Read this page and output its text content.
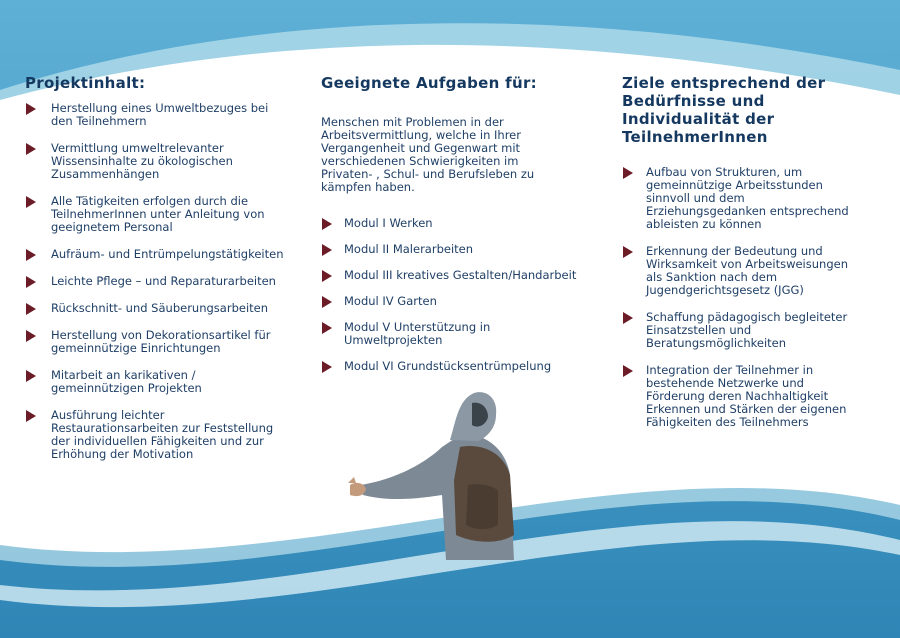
Projektinhalt:
Herstellung eines Umweltbezuges bei den Teilnehmern
Vermittlung umweltrelevanter Wissensinhalte zu ökologischen Zusammenhängen
Alle Tätigkeiten erfolgen durch die TeilnehmerInnen unter Anleitung von geeignetem Personal
Aufräum- und Entrümpelungstätigkeiten
Leichte Pflege – und Reparaturarbeiten
Rückschnitt- und Säuberungsarbeiten
Herstellung von Dekorationsartikel für gemeinnützige Einrichtungen
Mitarbeit an karikativen / gemeinnützigen Projekten
Ausführung leichter Restaurationsarbeiten zur Feststellung der individuellen Fähigkeiten und zur Erhöhung der Motivation
Geeignete Aufgaben für:

Menschen mit Problemen in der Arbeitsvermittlung, welche in Ihrer Vergangenheit und Gegenwart mit verschiedenen Schwierigkeiten im Privaten- , Schul- und Berufsleben zu kämpfen haben.

Modul I Werken
Modul II Malerarbeiten
Modul III kreatives Gestalten/Handarbeit
Modul IV Garten
Modul V Unterstützung in Umweltprojekten
Modul VI Grundstücksentrümpelung
Ziele entsprechend der Bedürfnisse und Individualität der TeilnehmerInnen
Aufbau von Strukturen, um gemeinnützige Arbeitsstunden sinnvoll und dem Erziehungsgedanken entsprechend ableisten zu können
Erkennung der Bedeutung und Wirksamkeit von Arbeitsweisungen als Sanktion nach dem Jugendgerichtsgesetz (JGG)
Schaffung pädagogisch begleiteter Einsatzstellen und Beratungsmöglichkeiten
Integration der Teilnehmer in bestehende Netzwerke und Förderung deren Nachhaltigkeit Erkennen und Stärken der eigenen Fähigkeiten des Teilnehmers
